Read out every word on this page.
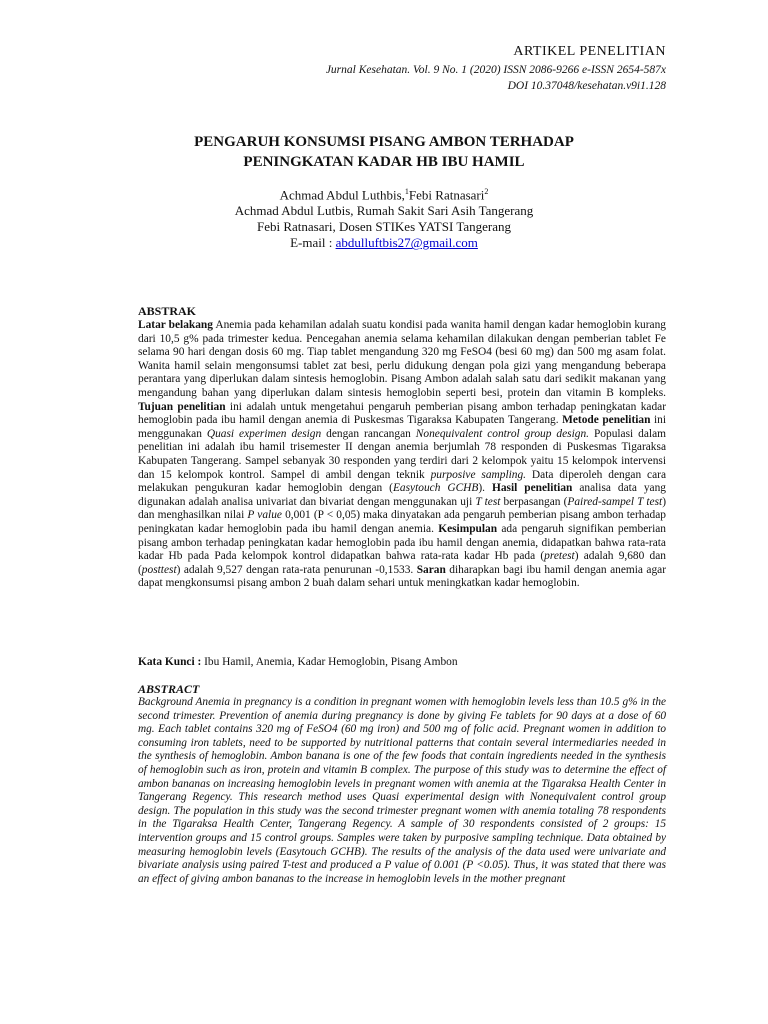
ARTIKEL PENELITIAN
Jurnal Kesehatan. Vol. 9 No. 1 (2020) ISSN 2086-9266 e-ISSN 2654-587x
DOI 10.37048/kesehatan.v9i1.128
PENGARUH KONSUMSI PISANG AMBON TERHADAP
PENINGKATAN KADAR HB IBU HAMIL
Achmad Abdul Luthbis,$^1$Febi Ratnasari$^2$
Achmad Abdul Lutbis, Rumah Sakit Sari Asih Tangerang
Febi Ratnasari, Dosen STIKes YATSI Tangerang
E-mail : abdulluftbis27@gmail.com
ABSTRAK
Latar belakang Anemia pada kehamilan adalah suatu kondisi pada wanita hamil dengan kadar hemoglobin kurang dari 10,5 g% pada trimester kedua. Pencegahan anemia selama kehamilan dilakukan dengan pemberian tablet Fe selama 90 hari dengan dosis 60 mg. Tiap tablet mengandung 320 mg FeSO4 (besi 60 mg) dan 500 mg asam folat. Wanita hamil selain mengonsumsi tablet zat besi, perlu didukung dengan pola gizi yang mengandung beberapa perantara yang diperlukan dalam sintesis hemoglobin. Pisang Ambon adalah salah satu dari sedikit makanan yang mengandung bahan yang diperlukan dalam sintesis hemoglobin seperti besi, protein dan vitamin B kompleks. Tujuan penelitian ini adalah untuk mengetahui pengaruh pemberian pisang ambon terhadap peningkatan kadar hemoglobin pada ibu hamil dengan anemia di Puskesmas Tigaraksa Kabupaten Tangerang. Metode penelitian ini menggunakan Quasi experimen design dengan rancangan Nonequivalent control group design. Populasi dalam penelitian ini adalah ibu hamil trisemester II dengan anemia berjumlah 78 responden di Puskesmas Tigaraksa Kabupaten Tangerang. Sampel sebanyak 30 responden yang terdiri dari 2 kelompok yaitu 15 kelompok intervensi dan 15 kelompok kontrol. Sampel di ambil dengan teknik purposive sampling. Data diperoleh dengan cara melakukan pengukuran kadar hemoglobin dengan (Easytouch GCHB). Hasil penelitian analisa data yang digunakan adalah analisa univariat dan bivariat dengan menggunakan uji T test berpasangan (Paired-sampel T test) dan menghasilkan nilai P value 0,001 (P < 0,05) maka dinyatakan ada pengaruh pemberian pisang ambon terhadap peningkatan kadar hemoglobin pada ibu hamil dengan anemia. Kesimpulan ada pengaruh signifikan pemberian pisang ambon terhadap peningkatan kadar hemoglobin pada ibu hamil dengan anemia, didapatkan bahwa rata-rata kadar Hb pada Pada kelompok kontrol didapatkan bahwa rata-rata kadar Hb pada (pretest) adalah 9,680 dan (posttest) adalah 9,527 dengan rata-rata penurunan -0,1533. Saran diharapkan bagi ibu hamil dengan anemia agar dapat mengkonsumsi pisang ambon 2 buah dalam sehari untuk meningkatkan kadar hemoglobin.
Kata Kunci : Ibu Hamil, Anemia, Kadar Hemoglobin, Pisang Ambon
ABSTRACT
Background Anemia in pregnancy is a condition in pregnant women with hemoglobin levels less than 10.5 g% in the second trimester. Prevention of anemia during pregnancy is done by giving Fe tablets for 90 days at a dose of 60 mg. Each tablet contains 320 mg of FeSO4 (60 mg iron) and 500 mg of folic acid. Pregnant women in addition to consuming iron tablets, need to be supported by nutritional patterns that contain several intermediaries needed in the synthesis of hemoglobin. Ambon banana is one of the few foods that contain ingredients needed in the synthesis of hemoglobin such as iron, protein and vitamin B complex. The purpose of this study was to determine the effect of ambon bananas on increasing hemoglobin levels in pregnant women with anemia at the Tigaraksa Health Center in Tangerang Regency. This research method uses Quasi experimental design with Nonequivalent control group design. The population in this study was the second trimester pregnant women with anemia totaling 78 respondents in the Tigaraksa Health Center, Tangerang Regency. A sample of 30 respondents consisted of 2 groups: 15 intervention groups and 15 control groups. Samples were taken by purposive sampling technique. Data obtained by measuring hemoglobin levels (Easytouch GCHB). The results of the analysis of the data used were univariate and bivariate analysis using paired T-test and produced a P value of 0.001 (P <0.05). Thus, it was stated that there was an effect of giving ambon bananas to the increase in hemoglobin levels in the mother pregnant
